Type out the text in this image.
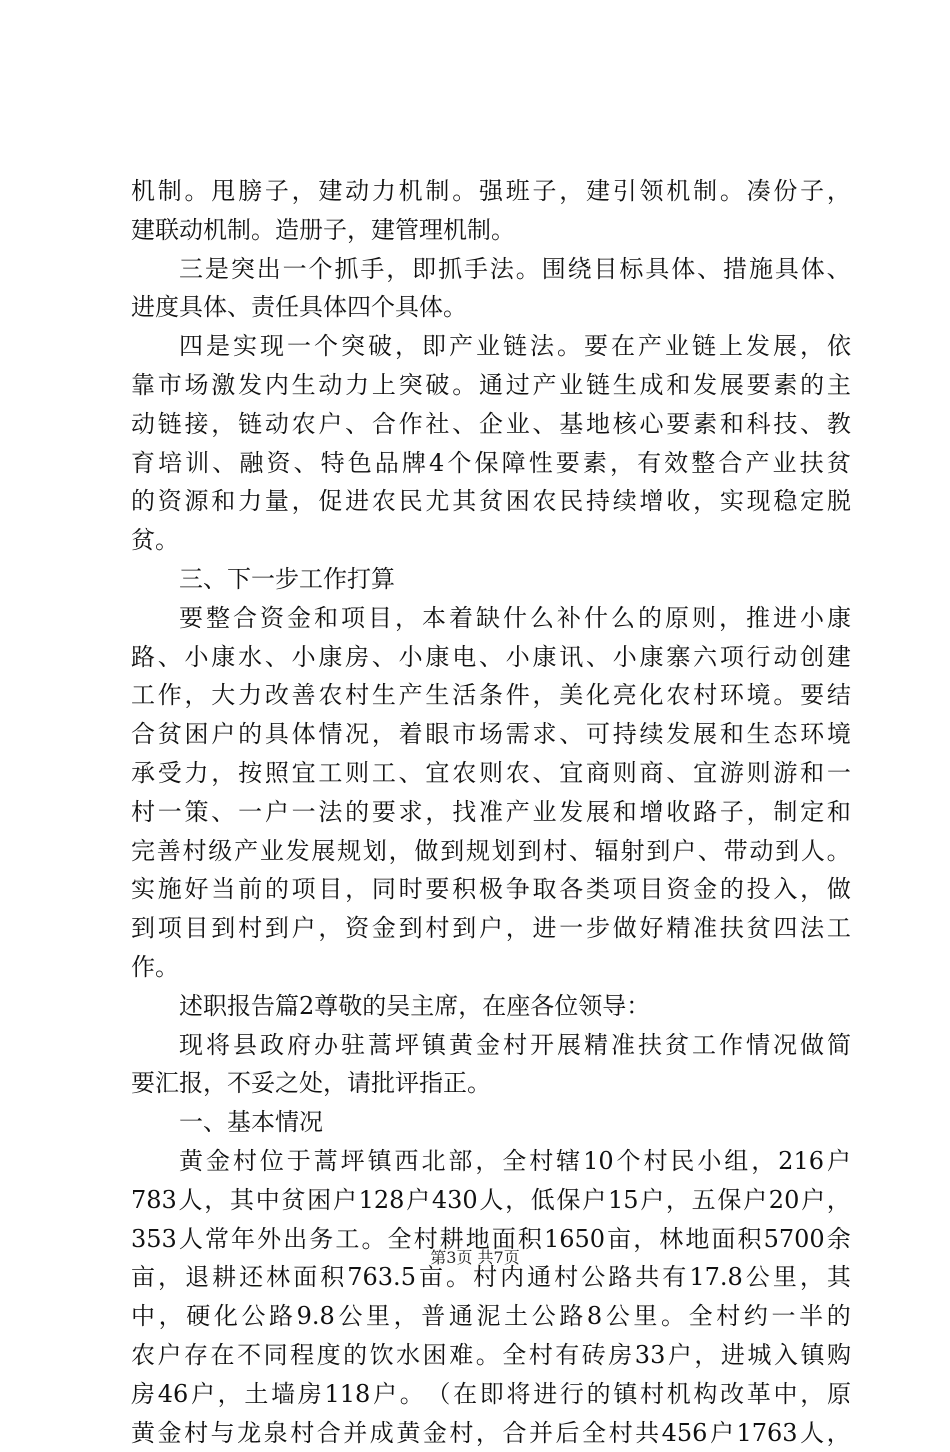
机 制 。 甩 膀 子 ， 建 动 力 机 制 。 强 班 子 ， 建 引 领 机 制 。 凑 份 子 ，
建联动机制。造册子，建管理机制。
三 是 突 出 一 个 抓 手 ， 即 抓 手 法 。 围 绕 目 标 具 体 、 措 施 具 体 、
进度具体、责任具体四个具体。
四 是 实 现 一 个 突 破 ， 即 产 业 链 法 。 要 在 产 业 链 上 发 展 ， 依
靠 市 场 激 发 内 生 动 力 上 突 破 。 通 过 产 业 链 生 成 和 发 展 要 素 的 主
动 链 接 ， 链 动 农 户 、 合 作 社 、 企 业 、 基 地 核 心 要 素 和 科 技 、 教
育 培 训 、 融 资 、 特 色 品 牌 4 个 保 障 性 要 素 ， 有 效 整 合 产 业 扶 贫
的 资 源 和 力 量 ， 促 进 农 民 尤 其 贫 困 农 民 持 续 增 收 ， 实 现 稳 定 脱
贫。
三、下一步工作打算
要 整 合 资 金 和 项 目 ， 本 着 缺 什 么 补 什 么 的 原 则 ， 推 进 小 康
路 、 小 康 水 、 小 康 房 、 小 康 电 、 小 康 讯 、 小 康 寨 六 项 行 动 创 建
工 作 ， 大 力 改 善 农 村 生 产 生 活 条 件 ， 美 化 亮 化 农 村 环 境 。 要 结
合 贫 困 户 的 具 体 情 况 ， 着 眼 市 场 需 求 、 可 持 续 发 展 和 生 态 环 境
承 受 力 ， 按 照 宜 工 则 工 、 宜 农 则 农 、 宜 商 则 商 、 宜 游 则 游 和 一
村 一 策 、 一 户 一 法 的 要 求 ， 找 准 产 业 发 展 和 增 收 路 子 ， 制 定 和
完 善 村 级 产 业 发 展 规 划 ， 做 到 规 划 到 村 、 辐 射 到 户 、 带 动 到 人 。
实 施 好 当 前 的 项 目 ， 同 时 要 积 极 争 取 各 类 项 目 资 金 的 投 入 ， 做
到 项 目 到 村 到 户 ， 资 金 到 村 到 户 ， 进 一 步 做 好 精 准 扶 贫 四 法 工
作。
述职报告篇2尊敬的吴主席，在座各位领导：
现 将 县 政 府 办 驻 蒿 坪 镇 黄 金 村 开 展 精 准 扶 贫 工 作 情 况 做 简
要汇报，不妥之处，请批评指正。
一、基本情况
黄 金 村 位 于 蒿 坪 镇 西 北 部 ， 全 村 辖 10 个 村 民 小 组 ， 216 户
783 人 ， 其 中 贫 困 户 128 户 430 人 ， 低 保 户 15 户 ， 五 保 户 20 户 ，
353 人 常 年 外 出 务 工 。 全 村 耕 地 面 积 1650 亩 ， 林 地 面 积 5700 余
亩 ， 退 耕 还 林 面 积 763.5 亩 。 村 内 通 村 公 路 共 有 17.8 公 里 ， 其
中 ， 硬 化 公 路 9.8 公 里 ， 普 通 泥 土 公 路 8 公 里 。 全 村 约 一 半 的
农 户 存 在 不 同 程 度 的 饮 水 困 难 。 全 村 有 砖 房 33 户 ， 进 城 入 镇 购
房 46 户 ， 土 墙 房 118 户 。 （ 在 即 将 进 行 的 镇 村 机 构 改 革 中 ， 原
黄 金 村 与 龙 泉 村 合 并 成 黄 金 村 ， 合 并 后 全 村 共 456 户 1763 人 ，
第3页 共7页
